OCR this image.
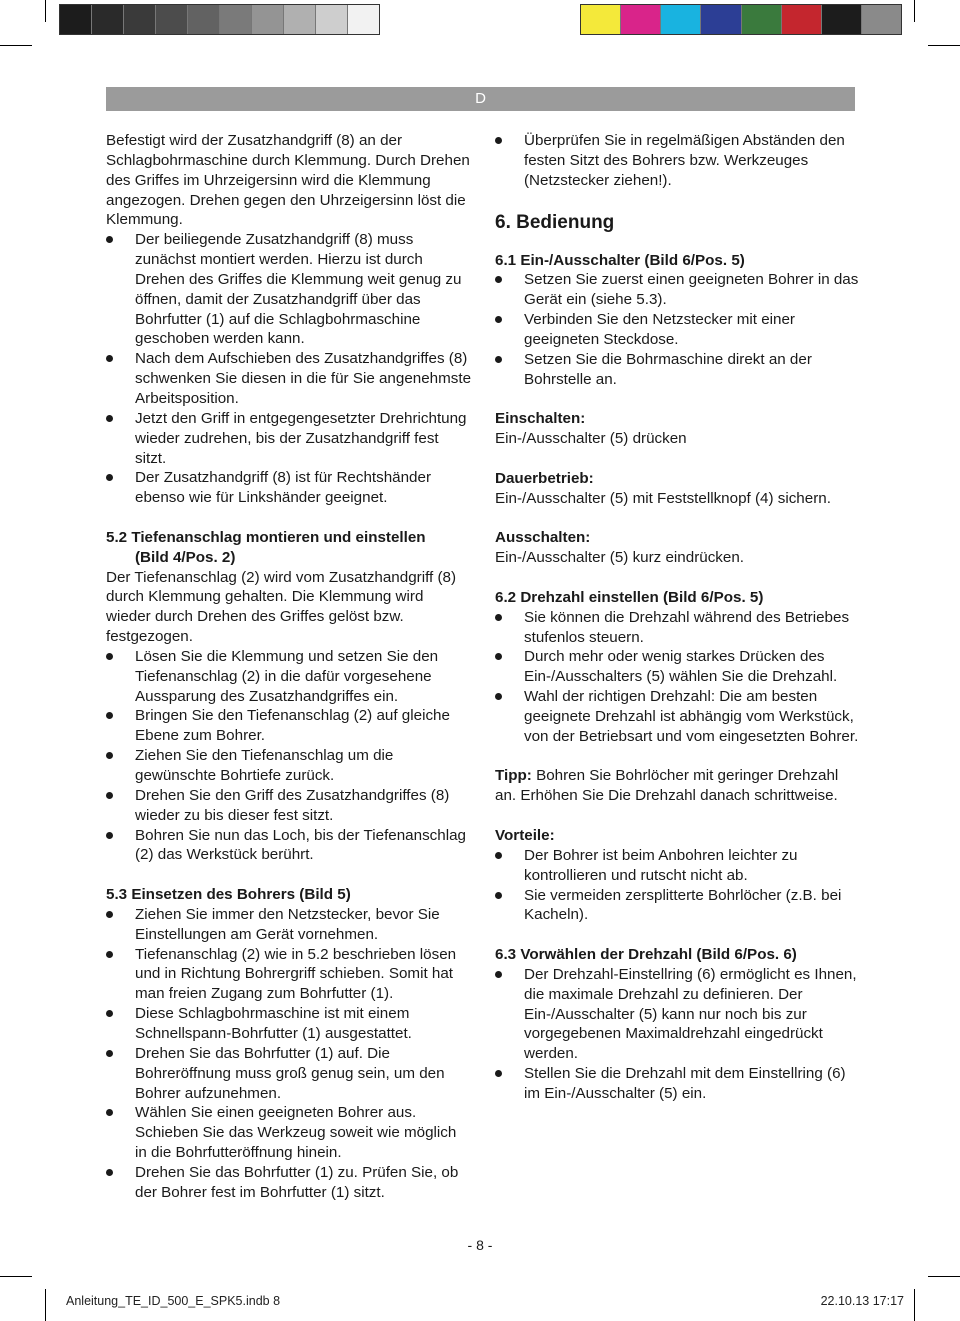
D

Befestigt wird der Zusatzhandgriff (8) an der Schlagbohrmaschine durch Klemmung. Durch Drehen des Griffes im Uhrzeigersinn wird die Klemmung angezogen. Drehen gegen den Uhrzeigersinn löst die Klemmung.

Der beiliegende Zusatzhandgriff (8) muss zunächst montiert werden. Hierzu ist durch Drehen des Griffes die Klemmung weit genug zu öffnen, damit der Zusatzhandgriff über das Bohrfutter (1) auf die Schlagbohrmaschine geschoben werden kann.
Nach dem Aufschieben des Zusatzhandgriffes (8) schwenken Sie diesen in die für Sie angenehmste Arbeitsposition.
Jetzt den Griff in entgegengesetzter Drehrichtung wieder zudrehen, bis der Zusatzhandgriff fest sitzt.
Der Zusatzhandgriff (8) ist für Rechtshänder ebenso wie für Linkshänder geeignet.

5.2 Tiefenanschlag montieren und einstellen

(Bild 4/Pos. 2)

Der Tiefenanschlag (2) wird vom Zusatzhandgriff (8) durch Klemmung gehalten. Die Klemmung wird wieder durch Drehen des Griffes gelöst bzw. festgezogen.

Lösen Sie die Klemmung und setzen Sie den Tiefenanschlag (2) in die dafür vorgesehene Aussparung des Zusatzhandgriffes ein.
Bringen Sie den Tiefenanschlag (2) auf gleiche Ebene zum Bohrer.
Ziehen Sie den Tiefenanschlag um die gewünschte Bohrtiefe zurück.
Drehen Sie den Griff des Zusatzhandgriffes (8) wieder zu bis dieser fest sitzt.
Bohren Sie nun das Loch, bis der Tiefenanschlag (2) das Werkstück berührt.

5.3 Einsetzen des Bohrers (Bild 5)

Ziehen Sie immer den Netzstecker, bevor Sie Einstellungen am Gerät vornehmen.
Tiefenanschlag (2) wie in 5.2 beschrieben lösen und in Richtung Bohrergriff schieben. Somit hat man freien Zugang zum Bohrfutter (1).
Diese Schlagbohrmaschine ist mit einem Schnellspann-Bohrfutter (1) ausgestattet.
Drehen Sie das Bohrfutter (1) auf. Die Bohreröffnung muss groß genug sein, um den Bohrer aufzunehmen.
Wählen Sie einen geeigneten Bohrer aus. Schieben Sie das Werkzeug soweit wie möglich in die Bohrfutteröffnung hinein.
Drehen Sie das Bohrfutter (1) zu. Prüfen Sie, ob der Bohrer fest im Bohrfutter (1) sitzt.
Überprüfen Sie in regelmäßigen Abständen den festen Sitzt des Bohrers bzw. Werkzeuges (Netzstecker ziehen!).

6. Bedienung

6.1 Ein-/Ausschalter (Bild 6/Pos. 5)

Setzen Sie zuerst einen geeigneten Bohrer in das Gerät ein (siehe 5.3).
Verbinden Sie den Netzstecker mit einer geeigneten Steckdose.
Setzen Sie die Bohrmaschine direkt an der Bohrstelle an.

Einschalten:

Ein-/Ausschalter (5) drücken

Dauerbetrieb:

Ein-/Ausschalter (5) mit Feststellknopf (4) sichern.

Ausschalten:

Ein-/Ausschalter (5) kurz eindrücken.

6.2 Drehzahl einstellen (Bild 6/Pos. 5)

Sie können die Drehzahl während des Betriebes stufenlos steuern.
Durch mehr oder wenig starkes Drücken des Ein-/Ausschalters (5) wählen Sie die Drehzahl.
Wahl der richtigen Drehzahl: Die am besten geeignete Drehzahl ist abhängig vom Werkstück, von der Betriebsart und vom eingesetzten Bohrer.

Tipp: Bohren Sie Bohrlöcher mit geringer Drehzahl an. Erhöhen Sie Die Drehzahl danach schrittweise.

Vorteile:

Der Bohrer ist beim Anbohren leichter zu kontrollieren und rutscht nicht ab.
Sie vermeiden zersplitterte Bohrlöcher (z.B. bei Kacheln).

6.3 Vorwählen der Drehzahl (Bild 6/Pos. 6)

Der Drehzahl-Einstellring (6) ermöglicht es Ihnen, die maximale Drehzahl zu definieren. Der Ein-/Ausschalter (5) kann nur noch bis zur vorgegebenen Maximaldrehzahl eingedrückt werden.
Stellen Sie die Drehzahl mit dem Einstellring (6) im Ein-/Ausschalter (5) ein.
- 8 -
Anleitung_TE_ID_500_E_SPK5.indb 8	22.10.13 17:17
